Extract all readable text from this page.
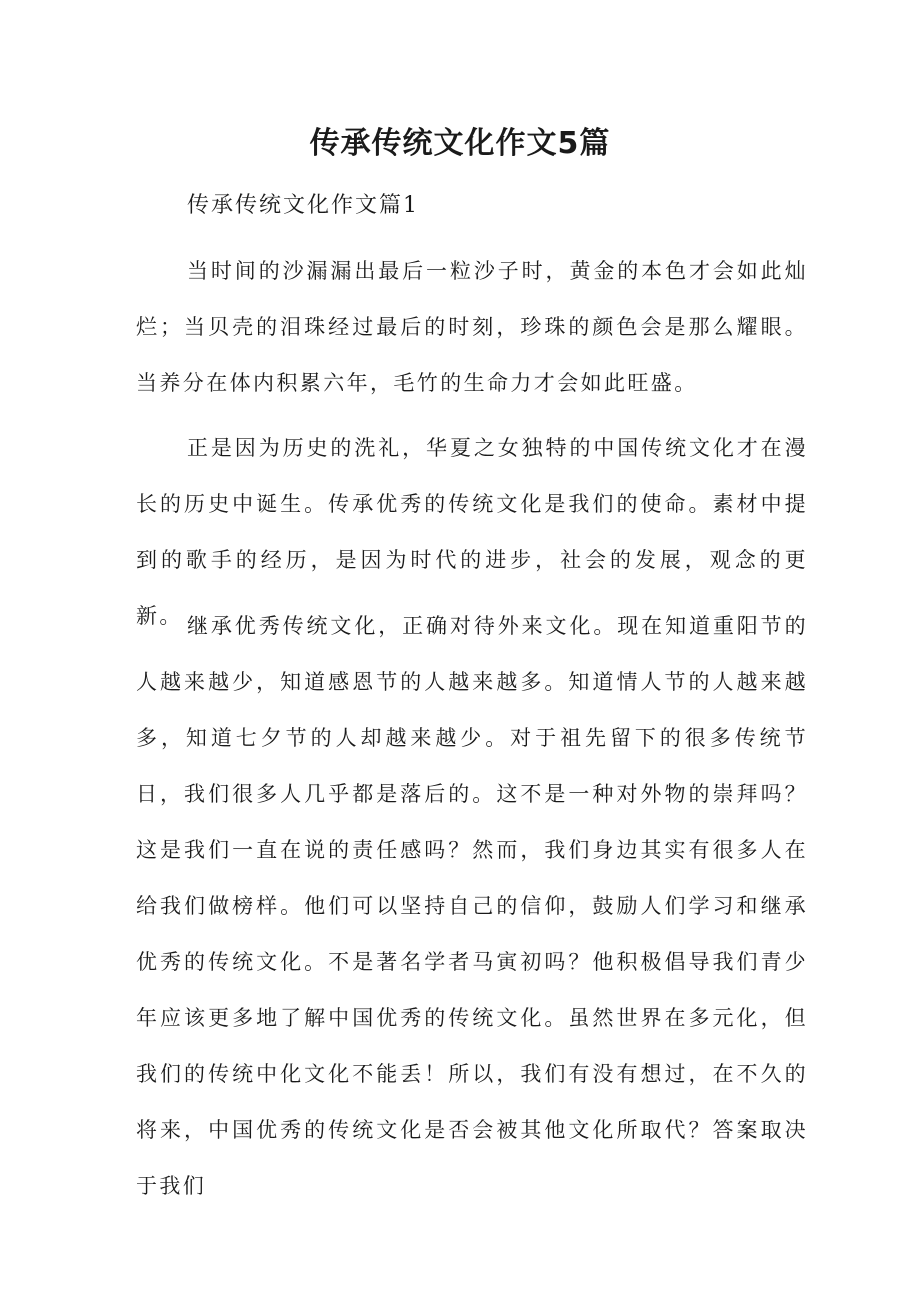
传承传统文化作文5篇

传承传统文化作文篇1

当时间的沙漏漏出最后一粒沙子时，黄金的本色才会如此灿烂；当贝壳的泪珠经过最后的时刻，珍珠的颜色会是那么耀眼。当养分在体内积累六年，毛竹的生命力才会如此旺盛。

正是因为历史的洗礼，华夏之女独特的中国传统文化才在漫长的历史中诞生。传承优秀的传统文化是我们的使命。素材中提到的歌手的经历，是因为时代的进步，社会的发展，观念的更新。 继承优秀传统文化，正确对待外来文化。现在知道重阳节的人越来越少，知道感恩节的人越来越多。知道情人节的人越来越多，知道七夕节的人却越来越少。对于祖先留下的很多传统节日，我们很多人几乎都是落后的。这不是一种对外物的崇拜吗？这是我们一直在说的责任感吗？然而，我们身边其实有很多人在给我们做榜样。他们可以坚持自己的信仰，鼓励人们学习和继承优秀的传统文化。不是著名学者马寅初吗？他积极倡导我们青少年应该更多地了解中国优秀的传统文化。虽然世界在多元化，但我们的传统中化文化不能丢！所以，我们有没有想过，在不久的将来，中国优秀的传统文化是否会被其他文化所取代？答案取决于我们
